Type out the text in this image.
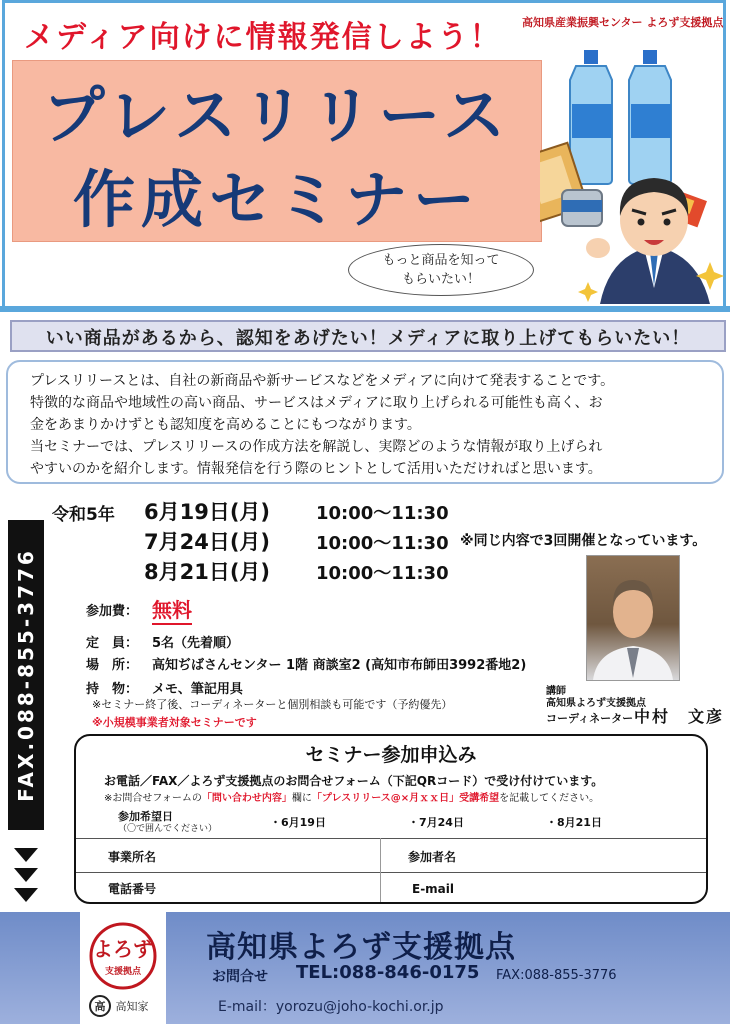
メディア向けに情報発信しよう！ 高知県産業振興センター よろず支援拠点
プレスリリース
作成セミナー
もっと商品を知って
もらいたい！
いい商品があるから、認知をあげたい！メディアに取り上げてもらいたい！

プレスリリースとは、自社の新商品や新サービスなどをメディアに向けて発表することです。

特徴的な商品や地域性の高い商品、サービスはメディアに取り上げられる可能性も高く、お

金をあまりかけずとも認知度を高めることにもつながります。

当セミナーでは、プレスリリースの作成方法を解説し、実際どのような情報が取り上げられ

やすいのかを紹介します。情報発信を行う際のヒントとして活用いただければと思います。

FAX.088-855-3776
令和5年 6月19日(月)	10:00～11:30
7月24日(月)	10:00～11:30
8月21日(月)	10:00～11:30
※同じ内容で3回開催となっています。
参加費： 無料
定　員： 5名（先着順）
場　所： 高知ぢばさんセンター 1階 商談室2 (高知市布師田3992番地2)
持　物： メモ、筆記用具
※セミナー終了後、コーディネーターと個別相談も可能です（予約優先）
※小規模事業者対象セミナーです
講師
高知県よろず支援拠点
コーディネーター 中村　文彦
セミナー参加申込み
お電話／FAX／よろず支援拠点のお問合せフォーム（下記QRコード）で受け付けています。
※お問合せフォームの「問い合わせ内容」欄に「プレスリリース@×月ｘｘ日」受講希望を記載してください。
参加希望日
（〇で囲んでください）	・6月19日	・7月24日	・8月21日
事業所名	参加者名
電話番号	E-mail
よろず
支援拠点
高 高知家
高知県よろず支援拠点
お問合せ TEL:088-846-0175 FAX:088-855-3776
E-mail：yorozu@joho-kochi.or.jp
